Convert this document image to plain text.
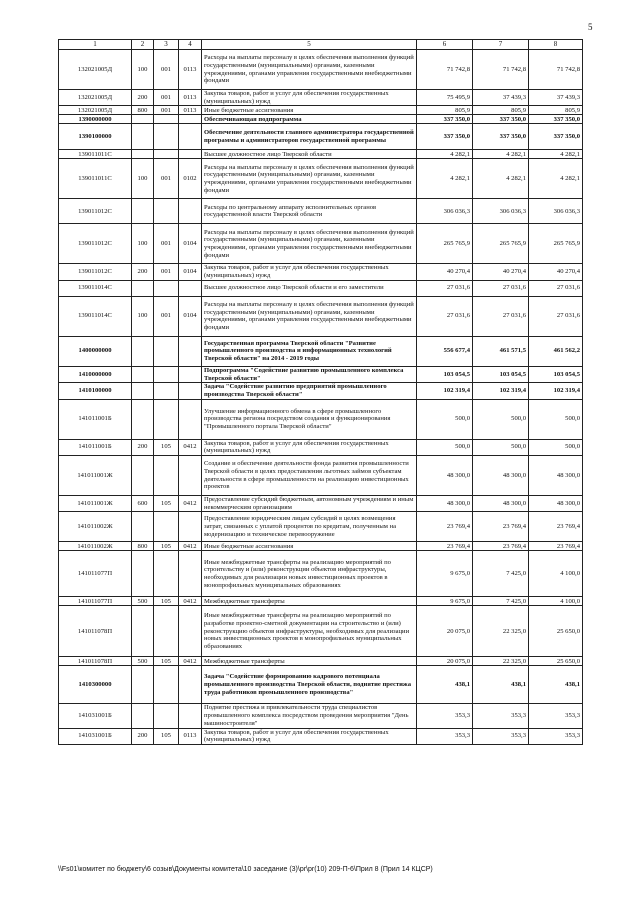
5
1	2	3	4	5	6	7	8
132021005Д	100	001	0113	Расходы на выплаты персоналу в целях обеспечения выполнения функций государственными (муниципальными) органами, казенными учреждениями, органами управления государственными внебюджетными фондами	71 742,8	71 742,8	71 742,8
132021005Д	200	001	0113	Закупка товаров, работ и услуг для обеспечения государственных (муниципальных) нужд	75 495,9	37 439,3	37 439,3
132021005Д	800	001	0113	Иные бюджетные ассигнования	805,9	805,9	805,9
1390000000				Обеспечивающая подпрограмма	337 350,0	337 350,0	337 350,0
1390100000				Обеспечение деятельности главного администратора государственной программы и администраторов государственной программы	337 350,0	337 350,0	337 350,0
139011011С				Высшее должностное лицо Тверской области	4 282,1	4 282,1	4 282,1
139011011С	100	001	0102	Расходы на выплаты персоналу в целях обеспечения выполнения функций государственными (муниципальными) органами, казенными учреждениями, органами управления государственными внебюджетными фондами	4 282,1	4 282,1	4 282,1
139011012С				Расходы по центральному аппарату исполнительных органов государственной власти Тверской области	306 036,3	306 036,3	306 036,3
139011012С	100	001	0104	Расходы на выплаты персоналу в целях обеспечения выполнения функций государственными (муниципальными) органами, казенными учреждениями, органами управления государственными внебюджетными фондами	265 765,9	265 765,9	265 765,9
139011012С	200	001	0104	Закупка товаров, работ и услуг для обеспечения государственных (муниципальных) нужд	40 270,4	40 270,4	40 270,4
139011014С				Высшее должностное лицо Тверской области и его заместители	27 031,6	27 031,6	27 031,6
139011014С	100	001	0104	Расходы на выплаты персоналу в целях обеспечения выполнения функций государственными (муниципальными) органами, казенными учреждениями, органами управления государственными внебюджетными фондами	27 031,6	27 031,6	27 031,6
1400000000				Государственная программа Тверской области "Развитие промышленного производства и информационных технологий Тверской области" на 2014 - 2019 годы	556 677,4	461 571,5	461 562,2
1410000000				Подпрограмма "Содействие развитию промышленного комплекса Тверской области"	103 054,5	103 054,5	103 054,5
1410100000				Задача "Содействие развитию предприятий промышленного производства Тверской области"	102 319,4	102 319,4	102 319,4
141011001Б				Улучшение информационного обмена в сфере промышленного производства региона посредством создания и функционирования "Промышленного портала Тверской области"	500,0	500,0	500,0
141011001Б	200	105	0412	Закупка товаров, работ и услуг для обеспечения государственных (муниципальных) нужд	500,0	500,0	500,0
141011001Ж				Создание и обеспечение деятельности фонда развития промышленности Тверской области в целях предоставления льготных займов субъектам деятельности в сфере промышленности на реализацию инвестиционных проектов	48 300,0	48 300,0	48 300,0
141011001Ж	600	105	0412	Предоставление субсидий бюджетным, автономным учреждениям и иным некоммерческим организациям	48 300,0	48 300,0	48 300,0
141011002Ж				Предоставление юридическим лицам субсидий в целях возмещения затрат, связанных с уплатой процентов по кредитам, полученным на модернизацию и техническое перевооружение	23 769,4	23 769,4	23 769,4
141011002Ж	800	105	0412	Иные бюджетные ассигнования	23 769,4	23 769,4	23 769,4
141011077П				Иные межбюджетные трансферты на реализацию мероприятий по строительству и (или) реконструкции объектов инфраструктуры, необходимых для реализации новых инвестиционных проектов в монопрофильных муниципальных образованиях	9 675,0	7 425,0	4 100,0
141011077П	500	105	0412	Межбюджетные трансферты	9 675,0	7 425,0	4 100,0
141011078П				Иные межбюджетные трансферты на реализацию мероприятий по разработке проектно-сметной документации на строительство и (или) реконструкцию объектов инфраструктуры, необходимых для реализации новых инвестиционных проектов в монопрофильных муниципальных образованиях	20 075,0	22 325,0	25 650,0
141011078П	500	105	0412	Межбюджетные трансферты	20 075,0	22 325,0	25 650,0
1410300000				Задача "Содействие формированию кадрового потенциала промышленного производства Тверской области, поднятие престижа труда работников промышленного производства"	438,1	438,1	438,1
141031001Б				Поднятие престижа и привлекательности труда специалистов промышленного комплекса посредством проведения мероприятия "День машиностроителя"	353,3	353,3	353,3
141031001Б	200	105	0113	Закупка товаров, работ и услуг для обеспечения государственных (муниципальных) нужд	353,3	353,3	353,3
\\Fs01\комитет по бюджету\6 созыв\Документы комитета\10 заседание (3)\pr\pr(10) 209-П-6\Прил 8 (Прил 14 КЦСР)
